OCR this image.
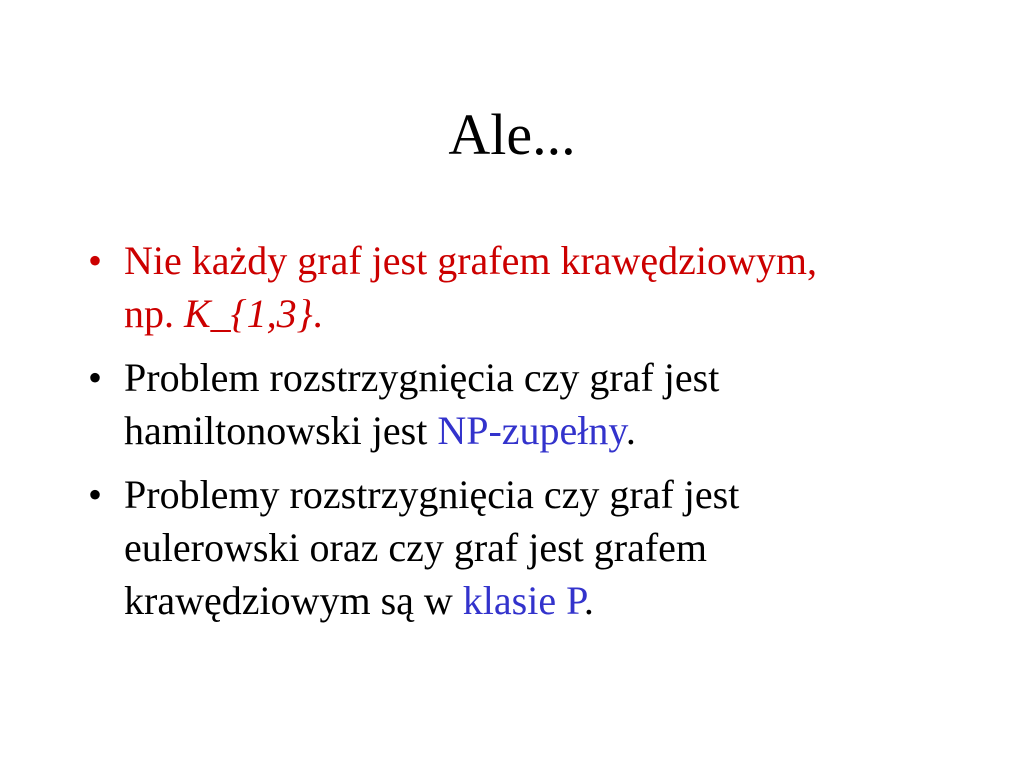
Ale...
• Nie każdy graf jest grafem krawędziowym,
np. K_{1,3}.
• Problem rozstrzygnięcia czy graf jest
hamiltonowski jest NP-zupełny.
• Problemy rozstrzygnięcia czy graf jest
eulerowski oraz czy graf jest grafem
krawędziowym są w klasie P.
